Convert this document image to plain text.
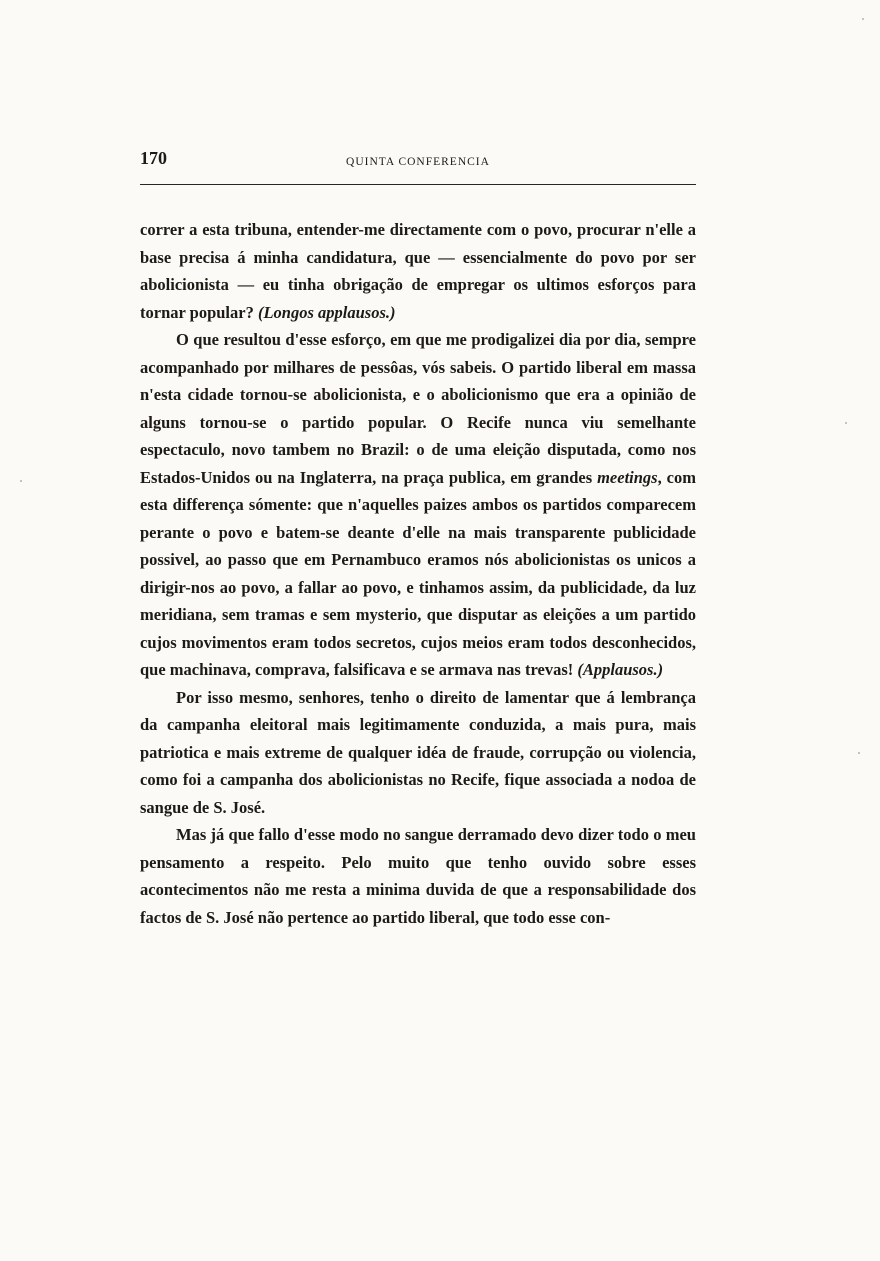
170	QUINTA CONFERENCIA

correr a esta tribuna, entender-me directamente com o povo, procurar n'elle a base precisa á minha candidatura, que — essencialmente do povo por ser abolicionista — eu tinha obrigação de empregar os ultimos esforços para tornar popular? (Longos applausos.)

O que resultou d'esse esforço, em que me prodigalizei dia por dia, sempre acompanhado por milhares de pessôas, vós sabeis. O partido liberal em massa n'esta cidade tornou-se abolicionista, e o abolicionismo que era a opinião de alguns tornou-se o partido popular. O Recife nunca viu semelhante espectaculo, novo tambem no Brazil: o de uma eleição disputada, como nos Estados-Unidos ou na Inglaterra, na praça publica, em grandes meetings, com esta differença sómente: que n'aquelles paizes ambos os partidos comparecem perante o povo e batem-se deante d'elle na mais transparente publicidade possivel, ao passo que em Pernambuco eramos nós abolicionistas os unicos a dirigir-nos ao povo, a fallar ao povo, e tinhamos assim, da publicidade, da luz meridiana, sem tramas e sem mysterio, que disputar as eleições a um partido cujos movimentos eram todos secretos, cujos meios eram todos desconhecidos, que machinava, comprava, falsificava e se armava nas trevas! (Applausos.)

Por isso mesmo, senhores, tenho o direito de lamentar que á lembrança da campanha eleitoral mais legitimamente conduzida, a mais pura, mais patriotica e mais extreme de qualquer idéa de fraude, corrupção ou violencia, como foi a campanha dos abolicionistas no Recife, fique associada a nodoa de sangue de S. José.

Mas já que fallo d'esse modo no sangue derramado devo dizer todo o meu pensamento a respeito. Pelo muito que tenho ouvido sobre esses acontecimentos não me resta a minima duvida de que a responsabilidade dos factos de S. José não pertence ao partido liberal, que todo esse con-
